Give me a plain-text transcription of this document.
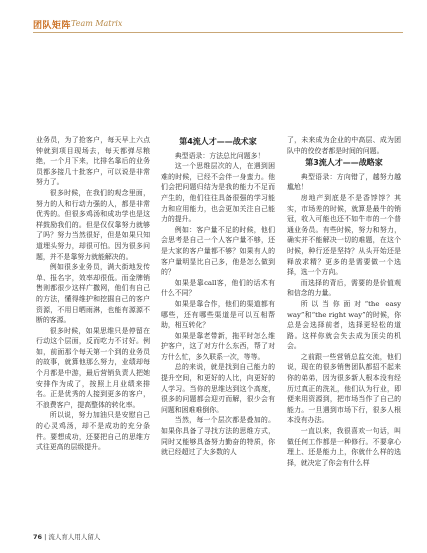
团队矩阵 Team Matrix

业务员，为了抢客户，每天早上六点钟就到项目现场去，每天都弹尽粮绝，一个月下来，比排名靠后的业务员都多接几十批客户，可以说是非常努力了。

很多时候，在我们的观念里面，努力的人和行动力强的人，都是非常优秀的。但很多鸡汤和成功学也是这样鼓励我们的。但是仅仅靠努力就够了吗？努力当然很好，但是如果只知道埋头努力，却很可怕。因为很多问题，并不是靠努力就能解决的。

例如很多业务员，满大街地发传单、报名字，效率却很低。而金牌销售则都很少这样广撒网，他们有自己的方法，懂得维护和挖掘自己的客户资源，不用日晒雨淋，也能有源源不断的客源。

很多时候，如果思维只是停留在行动这个层面，反而吃力不讨好。例如，前面那个每天第一个到的业务员的故事，就算他那么努力，业绩却每个月都是中游，最后营销负责人把她安排作为成了，按照上月业绩来排名。正是优秀的人接到更多的客户，不浪费客户，提高整体的转化率。

所以说，努力加油只是安慰自己的心灵鸡汤，却不是成功的充分条件。要想成功，还要把自己的思维方式往更高的层级提升。

第4流人才——战术家

典型语录：方法总比问题多！

这一个思维层次的人，在遇到困难的时候，已经不会伴一身蛮力。他们会把问题归结为是我的能力不足而产生的，他们往往具备很强的学习能力和应用能力，也会更加关注自己能力的提升。

例如：客户量不足的时候，他们会思考是自己一个人客户量不够，还是大家的客户量都不够？如果有人的客户量明显比自己多，他是怎么做到的？

如果是靠call客，他们的话术有什么不同？

如果是靠合作，他们的渠道都有哪些，还有哪些渠道是可以互相帮助，相互转化？

如果是靠老带新，拖平时怎么维护客户，这了对方什么东西，帮了对方什么忙，多久联系一次，等等。

总的来说，就是找到自己能力的提升空间，和更好的人比，向更好的人学习。当你的思维达到这个高度，很多的问题都会迎刃而解，很少会有问题和困难难倒你。

当然，每一个层次都是叠加的。如果你具备了寻找方法的思维方式，同时又能够具备努力勤奋的特质，你就已经超过了大多数的人

了，未来成为企业的中高层、成为团队中的佼佼者都是时间的问题。

第3流人才——战略家

典型语录：方向错了，越努力越尴尬！

房地产到底是不是香饽饽？其实，市场差的时候，就算是最牛的销冠，收入可能也还不如牛市的一个普通业务员。有些时候，努力和努力，确实并不能解决一切的难题，在这个时候，种行还是坚持？从头开始还是释放求精？更多的是需要做一个选择，选一个方向。

而选择的背后，需要的是价值观和信念的力量。

所以当你面对“the easy way”和“the right way”的时候，你总是会选择前者，选择更轻松的道路。这样你就会失去成为顶尖的机会。

之前跟一些营销总监交流，他们说，现在的很多销售团队都招不起来你的弟弟，因为很多新人根本没有经历过真正的洗礼，他们认为行业，即便来用资源到，把市场当作了自己的能力。一旦遇到市场下行，很多人根本没有办法。

一直以来，我很喜欢一句话，叫做任何工作都是一种修行。不要拿心理上、还是能力上，你就什么样的选择，就决定了你会有什么样

76 | 流人育人用人留人
